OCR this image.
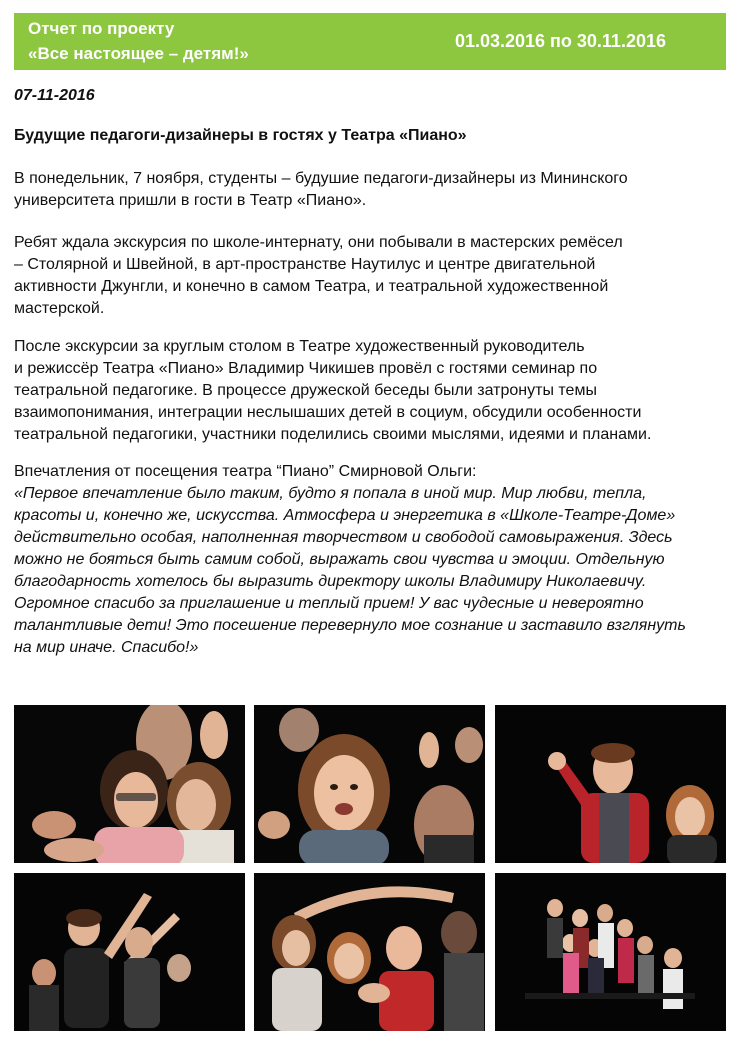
Отчет по проекту
«Все настоящее – детям!»
01.03.2016 по 30.11.2016
07-11-2016
Будущие педагоги-дизайнеры в гостях у Театра «Пиано»
В понедельник, 7 ноября, студенты – будушие педагоги-дизайнеры из Мининского
университета пришли в гости в Театр «Пиано».
Ребят ждала экскурсия по школе-интернату, они побывали в мастерских ремёсел
– Столярной и Швейной, в арт-пространстве Наутилус и центре двигательной
активности Джунгли, и конечно в самом Театра, и театральной художественной
мастерской.
После экскурсии за круглым столом в Театре художественный руководитель
и режиссёр Театра «Пиано» Владимир Чикишев провёл с гостями семинар по
театральной педагогике. В процессе дружеской беседы были затронуты темы
взаимопонимания, интеграции неслышаших детей в социум, обсудили особенности
театральной педагогики, участники поделились своими мыслями, идеями и планами.
Впечатления от посещения театра “Пиано” Смирновой Ольги:
«Первое впечатление было таким, будто я попала в иной мир. Мир любви, тепла,
красоты и, конечно же, искусства. Атмосфера и энергетика в «Школе-Театре-Доме»
действительно особая, наполненная творчеством и свободой самовыражения. Здесь
можно не бояться быть самим собой, выражать свои чувства и эмоции. Отдельную
благодарность хотелось бы выразить директору школы Владимиру Николаевичу.
Огромное спасибо за приглашение и теплый прием! У вас чудесные и невероятно
талантливые дети! Это посешение перевернуло мое сознание и заставило взглянуть
на мир иначе. Спасибо!»
